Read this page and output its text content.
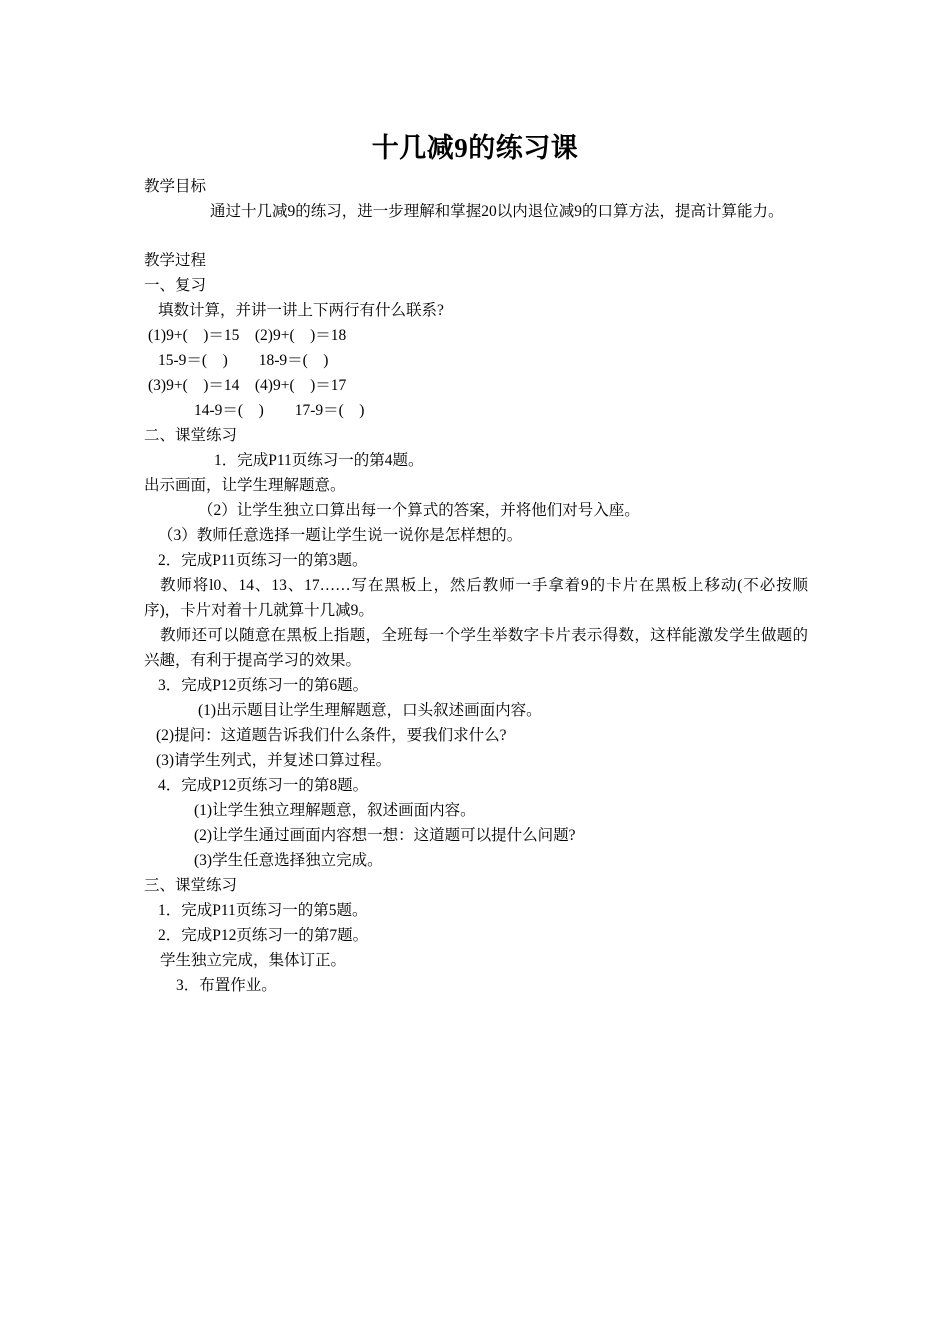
十几减9的练习课
教学目标
通过十几减9的练习，进一步理解和掌握20以内退位减9的口算方法，提高计算能力。
教学过程
一、复习
填数计算，并讲一讲上下两行有什么联系?
(1)9+(　)＝15　(2)9+(　)＝18
15-9＝(　)　　18-9＝(　)
(3)9+(　)＝14　(4)9+(　)＝17
14-9＝(　)　　17-9＝(　)
二、课堂练习
1．完成P11页练习一的第4题。
出示画面，让学生理解题意。
（2）让学生独立口算出每一个算式的答案，并将他们对号入座。
（3）教师任意选择一题让学生说一说你是怎样想的。
2．完成P11页练习一的第3题。
教师将l0、14、13、17……写在黑板上，然后教师一手拿着9的卡片在黑板上移动(不必按顺序)，卡片对着十几就算十几减9。
教师还可以随意在黑板上指题，全班每一个学生举数字卡片表示得数，这样能激发学生做题的兴趣，有利于提高学习的效果。
3．完成P12页练习一的第6题。
(1)出示题目让学生理解题意，口头叙述画面内容。
(2)提问：这道题告诉我们什么条件，要我们求什么?
(3)请学生列式，并复述口算过程。
4．完成P12页练习一的第8题。
(1)让学生独立理解题意，叙述画面内容。
(2)让学生通过画面内容想一想：这道题可以提什么问题?
(3)学生任意选择独立完成。
三、课堂练习
1．完成P11页练习一的第5题。
2．完成P12页练习一的第7题。
学生独立完成，集体订正。
3．布置作业。
